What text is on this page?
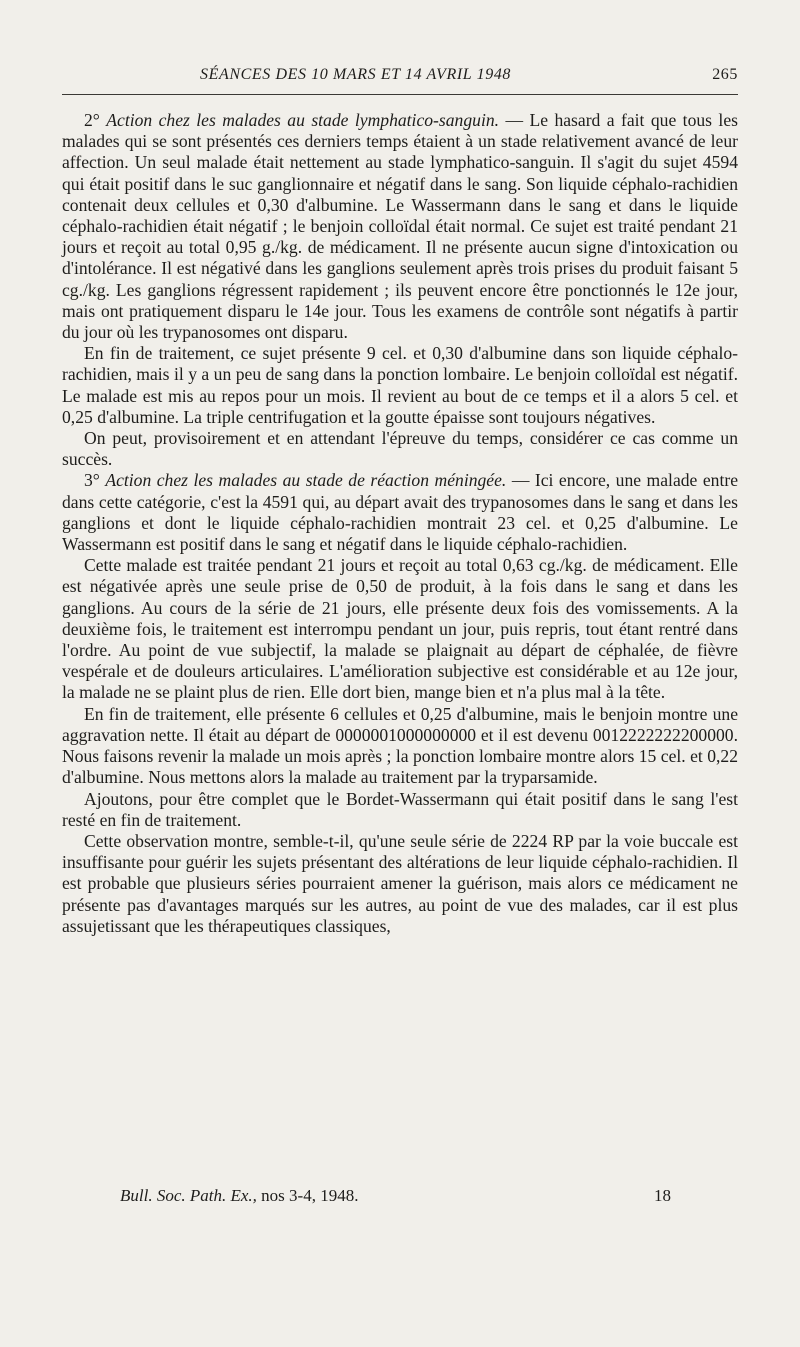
SÉANCES DES 10 MARS ET 14 AVRIL 1948	265

2° Action chez les malades au stade lymphatico-sanguin. — Le hasard a fait que tous les malades qui se sont présentés ces derniers temps étaient à un stade relativement avancé de leur affection. Un seul malade était nettement au stade lymphatico-sanguin. Il s'agit du sujet 4594 qui était positif dans le suc ganglionnaire et négatif dans le sang. Son liquide céphalo-rachidien contenait deux cellules et 0,30 d'albumine. Le Wassermann dans le sang et dans le liquide céphalo-rachidien était négatif ; le benjoin colloïdal était normal. Ce sujet est traité pendant 21 jours et reçoit au total 0,95 g./kg. de médicament. Il ne présente aucun signe d'intoxication ou d'intolérance. Il est négativé dans les ganglions seulement après trois prises du produit faisant 5 cg./kg. Les ganglions régressent rapidement ; ils peuvent encore être ponctionnés le 12e jour, mais ont pratiquement disparu le 14e jour. Tous les examens de contrôle sont négatifs à partir du jour où les trypanosomes ont disparu.

En fin de traitement, ce sujet présente 9 cel. et 0,30 d'albumine dans son liquide céphalo-rachidien, mais il y a un peu de sang dans la ponction lombaire. Le benjoin colloïdal est négatif. Le malade est mis au repos pour un mois. Il revient au bout de ce temps et il a alors 5 cel. et 0,25 d'albumine. La triple centrifugation et la goutte épaisse sont toujours négatives.

On peut, provisoirement et en attendant l'épreuve du temps, considérer ce cas comme un succès.

3° Action chez les malades au stade de réaction méningée. — Ici encore, une malade entre dans cette catégorie, c'est la 4591 qui, au départ avait des trypanosomes dans le sang et dans les ganglions et dont le liquide céphalo-rachidien montrait 23 cel. et 0,25 d'albumine. Le Wassermann est positif dans le sang et négatif dans le liquide céphalo-rachidien.

Cette malade est traitée pendant 21 jours et reçoit au total 0,63 cg./kg. de médicament. Elle est négativée après une seule prise de 0,50 de produit, à la fois dans le sang et dans les ganglions. Au cours de la série de 21 jours, elle présente deux fois des vomissements. A la deuxième fois, le traitement est interrompu pendant un jour, puis repris, tout étant rentré dans l'ordre. Au point de vue subjectif, la malade se plaignait au départ de céphalée, de fièvre vespérale et de douleurs articulaires. L'amélioration subjective est considérable et au 12e jour, la malade ne se plaint plus de rien. Elle dort bien, mange bien et n'a plus mal à la tête.

En fin de traitement, elle présente 6 cellules et 0,25 d'albumine, mais le benjoin montre une aggravation nette. Il était au départ de 0000001000000000 et il est devenu 0012222222200000. Nous faisons revenir la malade un mois après ; la ponction lombaire montre alors 15 cel. et 0,22 d'albumine. Nous mettons alors la malade au traitement par la tryparsamide.

Ajoutons, pour être complet que le Bordet-Wassermann qui était positif dans le sang l'est resté en fin de traitement.

Cette observation montre, semble-t-il, qu'une seule série de 2224 RP par la voie buccale est insuffisante pour guérir les sujets présentant des altérations de leur liquide céphalo-rachidien. Il est probable que plusieurs séries pourraient amener la guérison, mais alors ce médicament ne présente pas d'avantages marqués sur les autres, au point de vue des malades, car il est plus assujetissant que les thérapeutiques classiques,

Bull. Soc. Path. Ex., nos 3-4, 1948.	18
